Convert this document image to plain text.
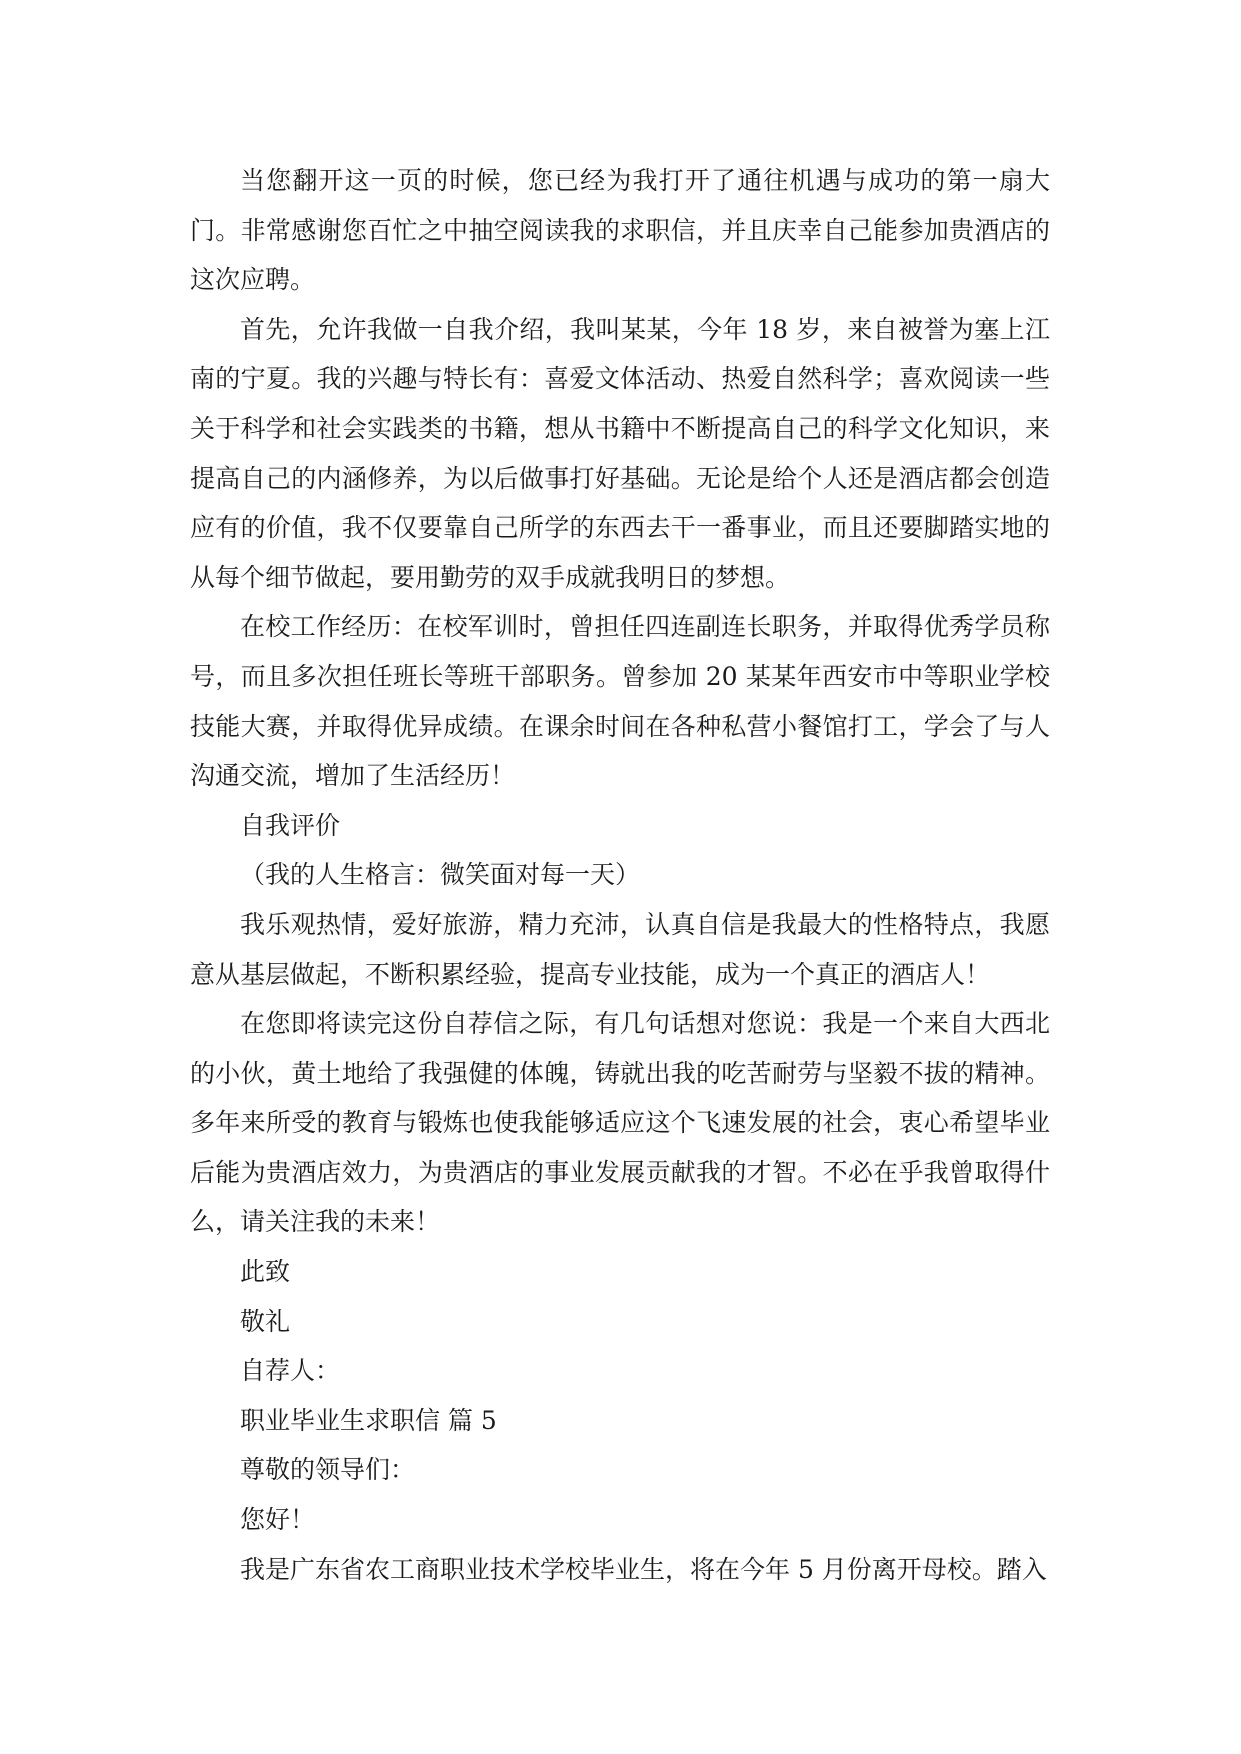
当您翻开这一页的时候，您已经为我打开了通往机遇与成功的第一扇大门。非常感谢您百忙之中抽空阅读我的求职信，并且庆幸自己能参加贵酒店的这次应聘。

首先，允许我做一自我介绍，我叫某某，今年 18 岁，来自被誉为塞上江南的宁夏。我的兴趣与特长有：喜爱文体活动、热爱自然科学；喜欢阅读一些关于科学和社会实践类的书籍，想从书籍中不断提高自己的科学文化知识，来提高自己的内涵修养，为以后做事打好基础。无论是给个人还是酒店都会创造应有的价值，我不仅要靠自己所学的东西去干一番事业，而且还要脚踏实地的从每个细节做起，要用勤劳的双手成就我明日的梦想。

在校工作经历：在校军训时，曾担任四连副连长职务，并取得优秀学员称号，而且多次担任班长等班干部职务。曾参加 20 某某年西安市中等职业学校技能大赛，并取得优异成绩。在课余时间在各种私营小餐馆打工，学会了与人沟通交流，增加了生活经历！

自我评价

（我的人生格言：微笑面对每一天）

我乐观热情，爱好旅游，精力充沛，认真自信是我最大的性格特点，我愿意从基层做起，不断积累经验，提高专业技能，成为一个真正的酒店人！

在您即将读完这份自荐信之际，有几句话想对您说：我是一个来自大西北的小伙，黄土地给了我强健的体魄，铸就出我的吃苦耐劳与坚毅不拔的精神。多年来所受的教育与锻炼也使我能够适应这个飞速发展的社会，衷心希望毕业后能为贵酒店效力，为贵酒店的事业发展贡献我的才智。不必在乎我曾取得什么，请关注我的未来！

此致

敬礼

自荐人：

职业毕业生求职信 篇 5

尊敬的领导们：

您好！

我是广东省农工商职业技术学校毕业生，将在今年 5 月份离开母校。踏入
